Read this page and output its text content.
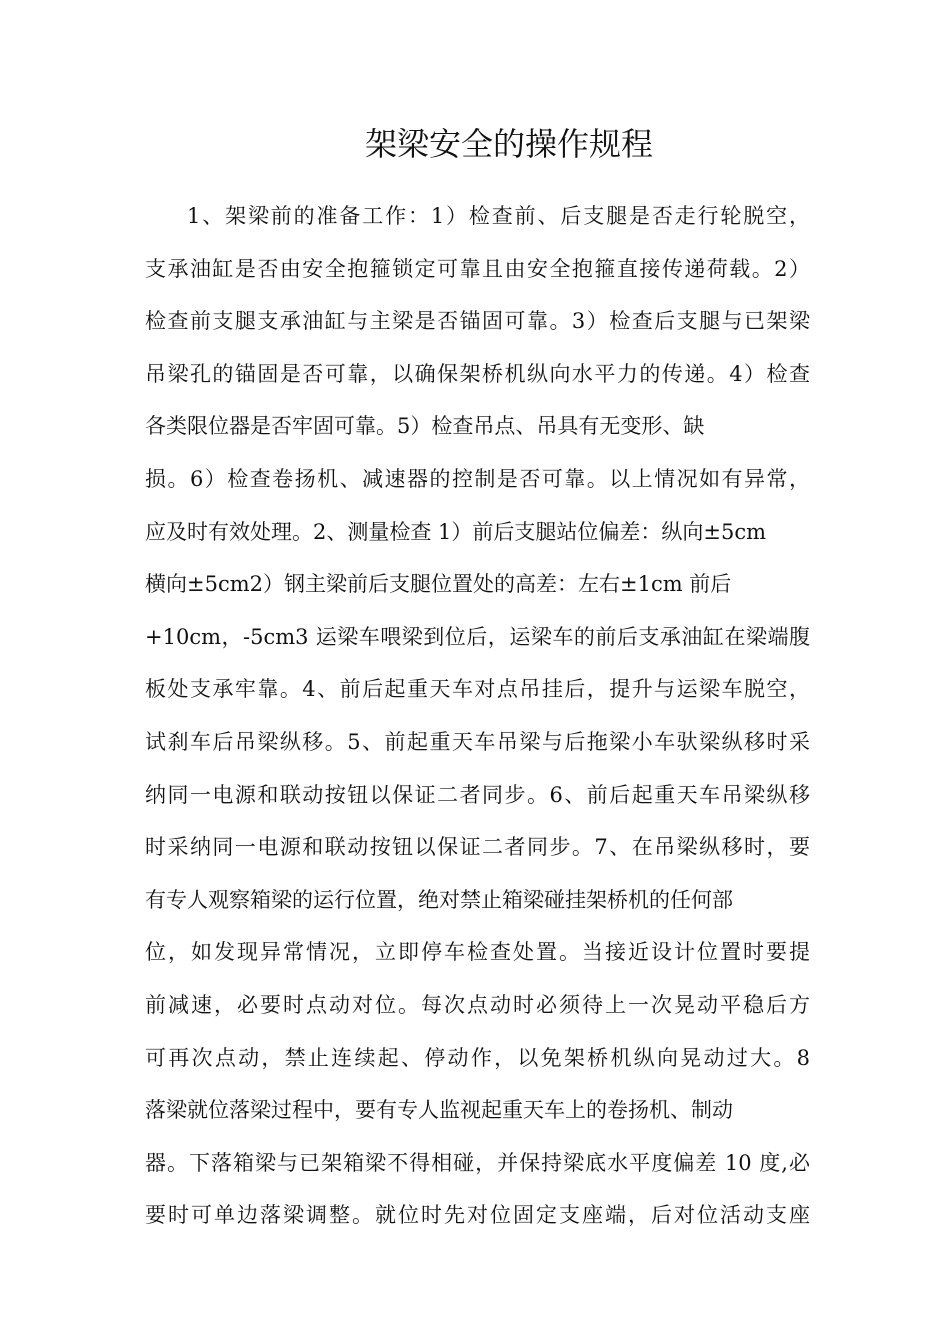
架梁安全的操作规程
1、架梁前的准备工作：1）检查前、后支腿是否走行轮脱空，
支承油缸是否由安全抱箍锁定可靠且由安全抱箍直接传递荷载。2）
检查前支腿支承油缸与主梁是否锚固可靠。3）检查后支腿与已架梁
吊梁孔的锚固是否可靠，以确保架桥机纵向水平力的传递。4）检查
各类限位器是否牢固可靠。5）检查吊点、吊具有无变形、缺
损。6）检查卷扬机、减速器的控制是否可靠。以上情况如有异常，
应及时有效处理。2、测量检查 1）前后支腿站位偏差：纵向±5cm
横向±5cm2）钢主梁前后支腿位置处的高差：左右±1cm 前后
+10cm，-5cm3 运梁车喂梁到位后，运梁车的前后支承油缸在梁端腹
板处支承牢靠。4、前后起重天车对点吊挂后，提升与运梁车脱空，
试刹车后吊梁纵移。5、前起重天车吊梁与后拖梁小车驮梁纵移时采
纳同一电源和联动按钮以保证二者同步。6、前后起重天车吊梁纵移
时采纳同一电源和联动按钮以保证二者同步。7、在吊梁纵移时，要
有专人观察箱梁的运行位置，绝对禁止箱梁碰挂架桥机的任何部
位，如发现异常情况，立即停车检查处置。当接近设计位置时要提
前减速，必要时点动对位。每次点动时必须待上一次晃动平稳后方
可再次点动，禁止连续起、停动作，以免架桥机纵向晃动过大。8
落梁就位落梁过程中，要有专人监视起重天车上的卷扬机、制动
器。下落箱梁与已架箱梁不得相碰，并保持梁底水平度偏差 10 度,必
要时可单边落梁调整。就位时先对位固定支座端，后对位活动支座
